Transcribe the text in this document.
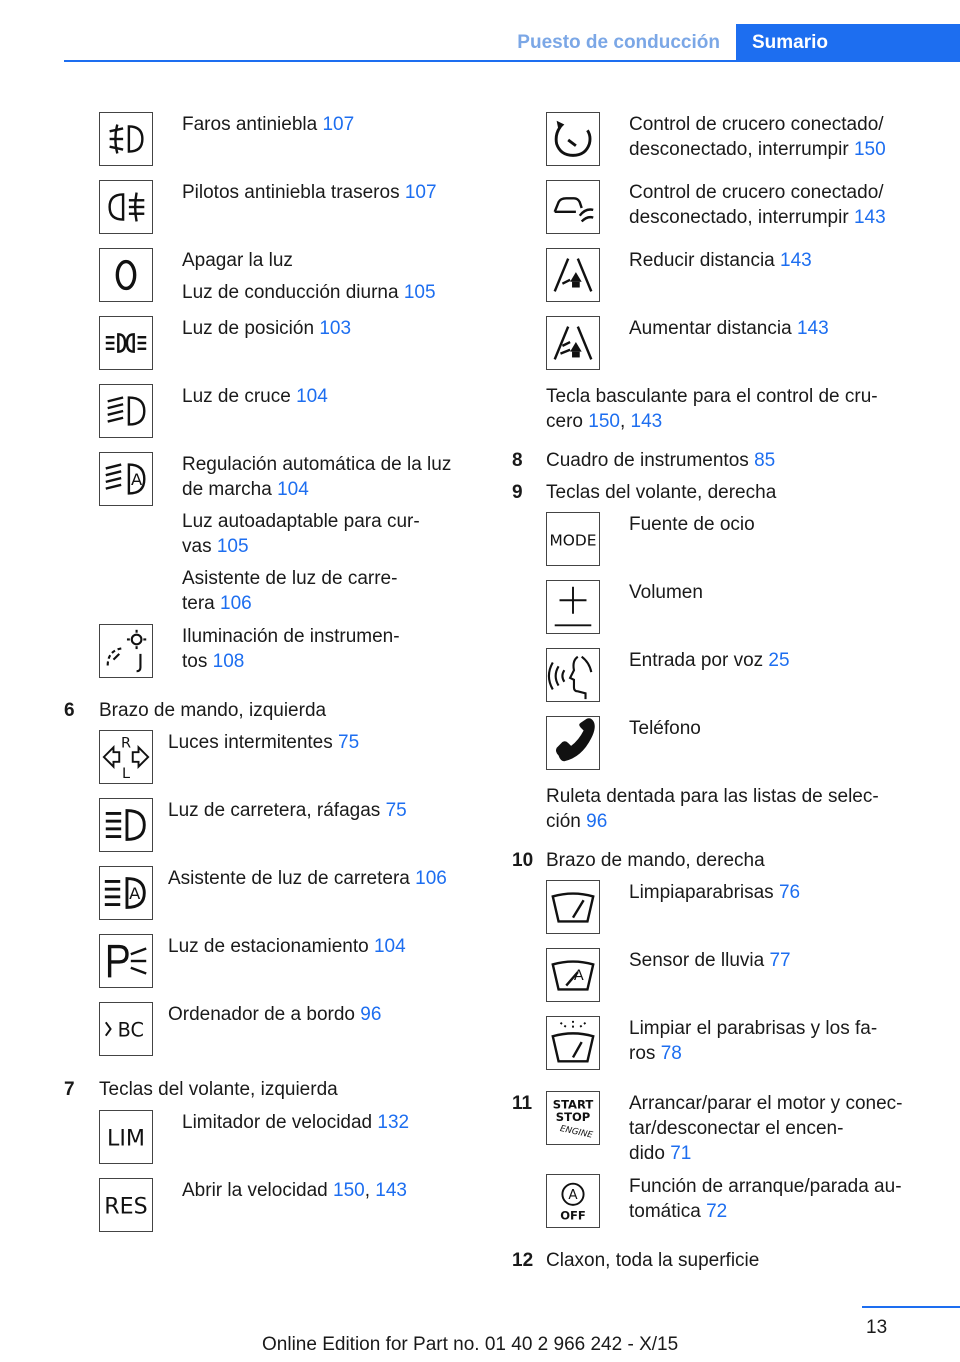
Puesto de conducción	Sumario
Faros antiniebla 107
Pilotos antiniebla traseros 107
Apagar la luz
Luz de conducción diurna 105
Luz de posición 103
Luz de cruce 104
A
Regulación automática de la luz
de marcha 104
Luz autoadaptable para cur-
vas 105
Asistente de luz de carre-
tera 106
Iluminación de instrumen-
tos 108
6 Brazo de mando, izquierda
R
L
Luces intermitentes 75
Luz de carretera, ráfagas 75
A
Asistente de luz de carretera 106
Luz de estacionamiento 104
BC
Ordenador de a bordo 96
7 Teclas del volante, izquierda
LIM
Limitador de velocidad 132
RES
Abrir la velocidad 150, 143
Control de crucero conectado/
desconectado, interrumpir 150
Control de crucero conectado/
desconectado, interrumpir 143
Reducir distancia 143
Aumentar distancia 143
Tecla basculante para el control de cru-
cero 150, 143
8 Cuadro de instrumentos 85
9 Teclas del volante, derecha
MODE
Fuente de ocio
Volumen
Entrada por voz 25
Teléfono
Ruleta dentada para las listas de selec-
ción 96
10 Brazo de mando, derecha
Limpiaparabrisas 76
A
Sensor de lluvia 77
Limpiar el parabrisas y los fa-
ros 78
11 START
STOP
ENGINE
Arrancar/parar el motor y conec-
tar/desconectar el encen-
dido 71
A
OFF
Función de arranque/parada au-
tomática 72
12 Claxon, toda la superficie
13
Online Edition for Part no. 01 40 2 966 242 - X/15
